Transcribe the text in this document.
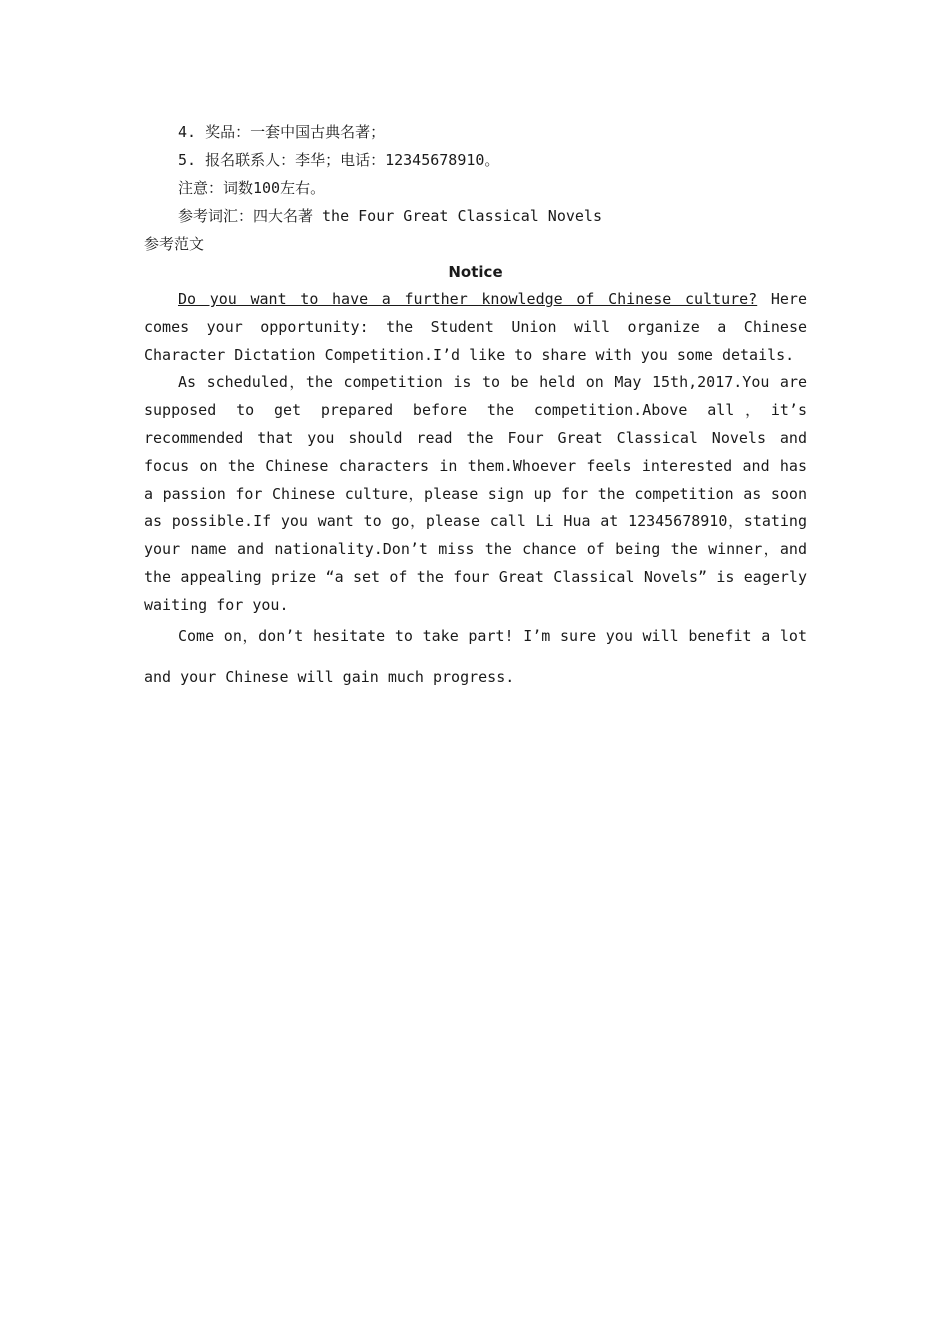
4. 奖品：一套中国古典名著；
5. 报名联系人：李华；电话：12345678910。
注意：词数100左右。
参考词汇：四大名著 the Four Great Classical Novels
参考范文
Notice

Do you want to have a further knowledge of Chinese culture? Here comes your opportunity: the Student Union will organize a Chinese Character Dictation Competition.I’d like to share with you some details.

As scheduled，the competition is to be held on May 15th,2017.You are supposed to get prepared before the competition.Above all，it’s recommended that you should read the Four Great Classical Novels and focus on the Chinese characters in them.Whoever feels interested and has a passion for Chinese culture，please sign up for the competition as soon as possible.If you want to go，please call Li Hua at 12345678910，stating your name and nationality.Don’t miss the chance of being the winner，and the appealing prize “a set of the four Great Classical Novels” is eagerly waiting for you.

Come on，don’t hesitate to take part! I’m sure you will benefit a lot and your Chinese will gain much progress.
